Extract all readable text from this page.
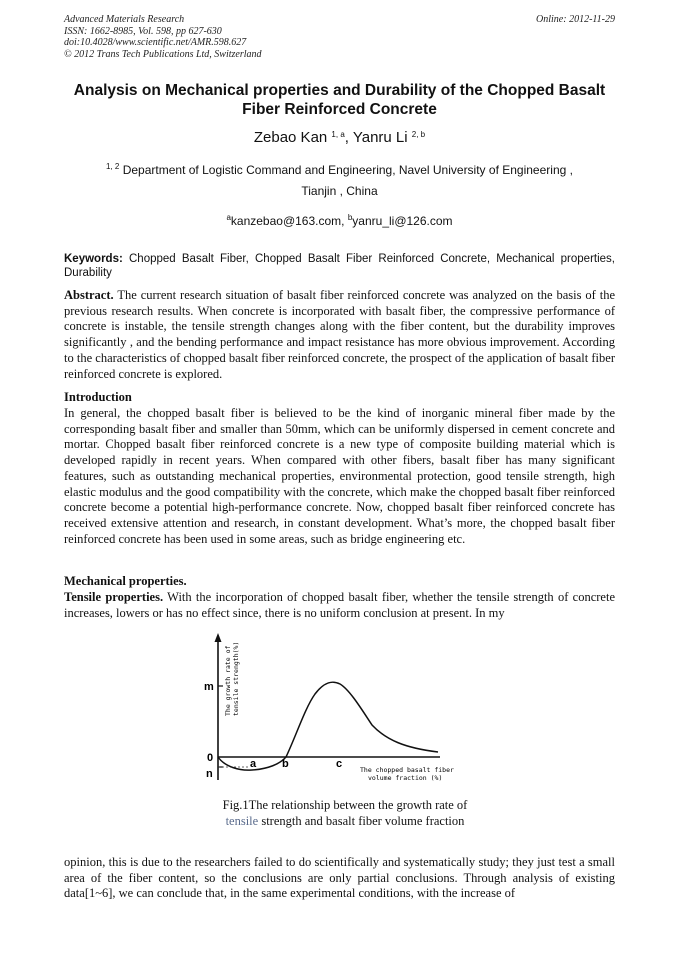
Advanced Materials Research
ISSN: 1662-8985, Vol. 598, pp 627-630
doi:10.4028/www.scientific.net/AMR.598.627
© 2012 Trans Tech Publications Ltd, Switzerland
Online: 2012-11-29
Analysis on Mechanical properties and Durability of the Chopped Basalt Fiber Reinforced Concrete
Zebao Kan $^{1, a}$, Yanru Li $^{2, b}$
$^{1, 2}$ Department of Logistic Command and Engineering, Navel University of Engineering ,
Tianjin , China
$^a$kanzebao@163.com, $^b$yanru_li@126.com
Keywords: Chopped Basalt Fiber, Chopped Basalt Fiber Reinforced Concrete, Mechanical properties, Durability
Abstract. The current research situation of basalt fiber reinforced concrete was analyzed on the basis of the previous research results. When concrete is incorporated with basalt fiber, the compressive performance of concrete is instable, the tensile strength changes along with the fiber content, but the durability improves significantly , and the bending performance and impact resistance has more obvious improvement. According to the characteristics of chopped basalt fiber reinforced concrete, the prospect of the application of basalt fiber reinforced concrete is explored.
Introduction
In general, the chopped basalt fiber is believed to be the kind of inorganic mineral fiber made by the corresponding basalt fiber and smaller than 50mm, which can be uniformly dispersed in cement concrete and mortar. Chopped basalt fiber reinforced concrete is a new type of composite building material which is developed rapidly in recent years. When compared with other fibers, basalt fiber has many significant features, such as outstanding mechanical properties, environmental protection, good tensile strength, high elastic modulus and the good compatibility with the concrete, which make the chopped basalt fiber reinforced concrete become a potential high-performance concrete. Now, chopped basalt fiber reinforced concrete has received extensive attention and research, in constant development. What’s more, the chopped basalt fiber reinforced concrete has been used in some areas, such as bridge engineering etc.
Mechanical properties.
Tensile properties. With the incorporation of chopped basalt fiber, whether the tensile strength of concrete increases, lowers or has no effect since, there is no uniform conclusion at present. In my
m
0
n
a b	c
The growth rate of tensile strength(%)
The chopped basalt fiber
volume fraction (%)
Fig.1The relationship between the growth rate of
tensile strength and basalt fiber volume fraction
opinion, this is due to the researchers failed to do scientifically and systematically study; they just test a small area of the fiber content, so the conclusions are only partial conclusions. Through analysis of existing data[1~6], we can conclude that, in the same experimental conditions, with the increase of
